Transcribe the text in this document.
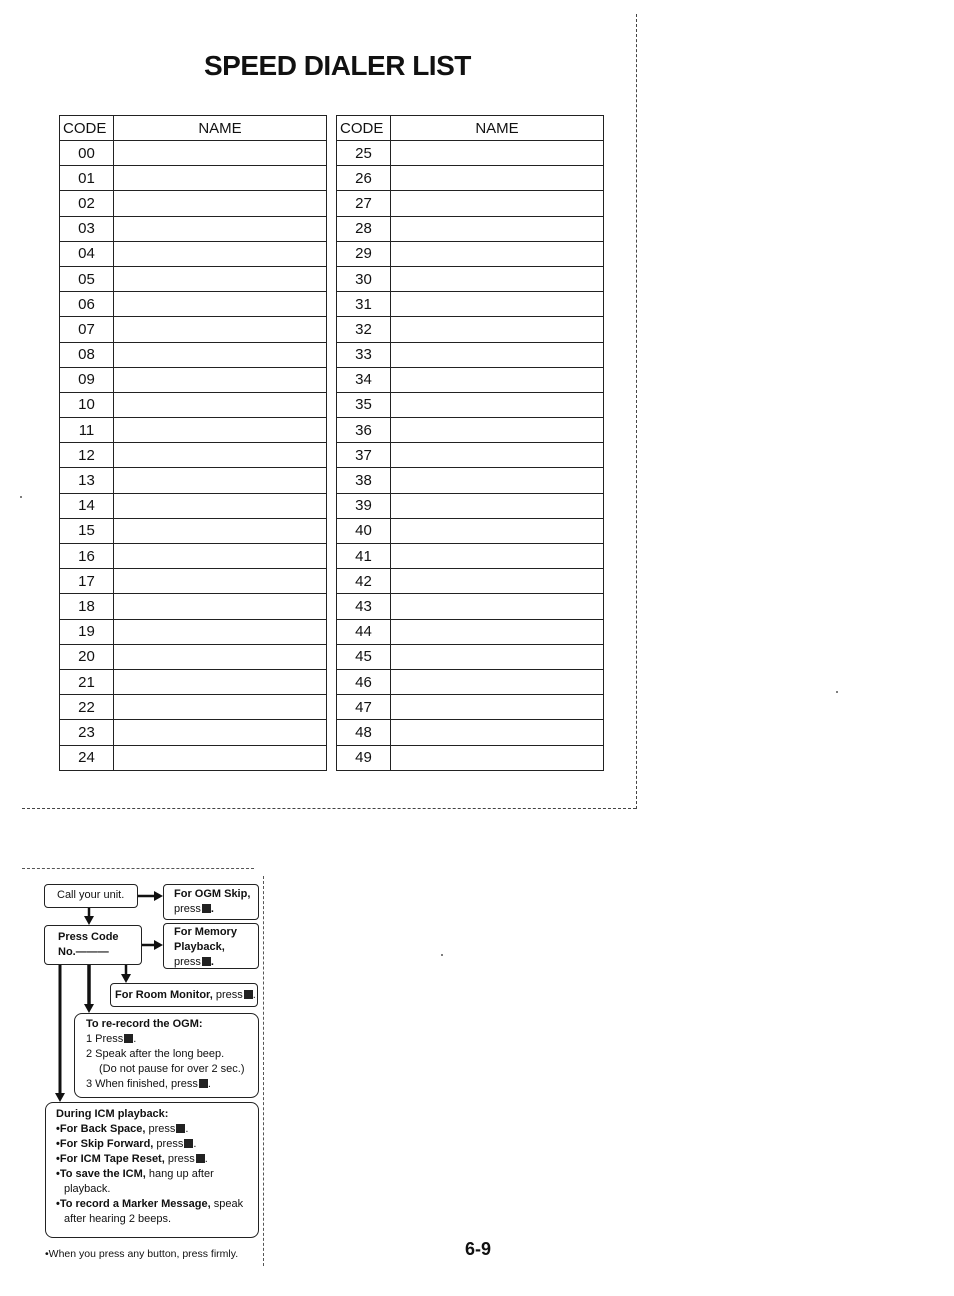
SPEED DIALER LIST
CODE	NAME
00	
01	
02	
03	
04	
05	
06	
07	
08	
09	
10	
11	
12	
13	
14	
15	
16	
17	
18	
19	
20	
21	
22	
23	
24	
CODE	NAME
25	
26	
27	
28	
29	
30	
31	
32	
33	
34	
35	
36	
37	
38	
39	
40	
41	
42	
43	
44	
45	
46	
47	
48	
49	
Call your unit.	For OGM Skip,
press .
Press Code
No.———
For Memory
Playback,
press .
For Room Monitor, press .
To re-record the OGM:
1 Press .
2 Speak after the long beep.
(Do not pause for over 2 sec.)
3 When finished, press .
During ICM playback:
•For Back Space, press .
•For Skip Forward, press .
•For ICM Tape Reset, press .
•To save the ICM, hang up after
playback.
•To record a Marker Message, speak
after hearing 2 beeps.
•When you press any button, press firmly.	6-9
